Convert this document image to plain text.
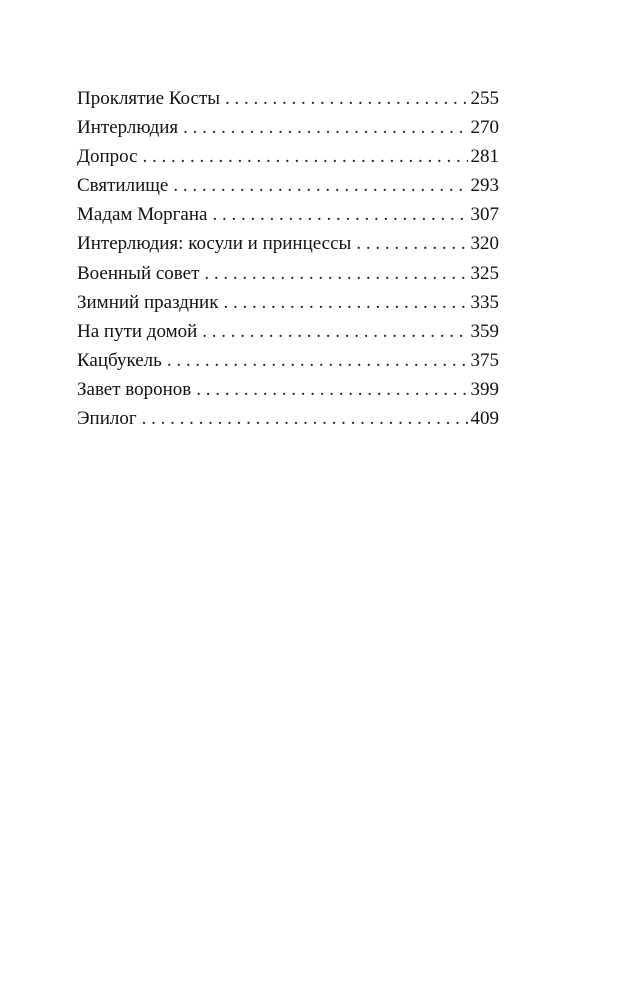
Проклятие Косты . . .	255
Интерлюдия . . .	270
Допрос . . .	281
Святилище . . .	293
Мадам Моргана . . .	307
Интерлюдия: косули и принцессы . . .	320
Военный совет . . .	325
Зимний праздник . . .	335
На пути домой . . .	359
Кацбукель . . .	375
Завет воронов . . .	399
Эпилог . . .	409
